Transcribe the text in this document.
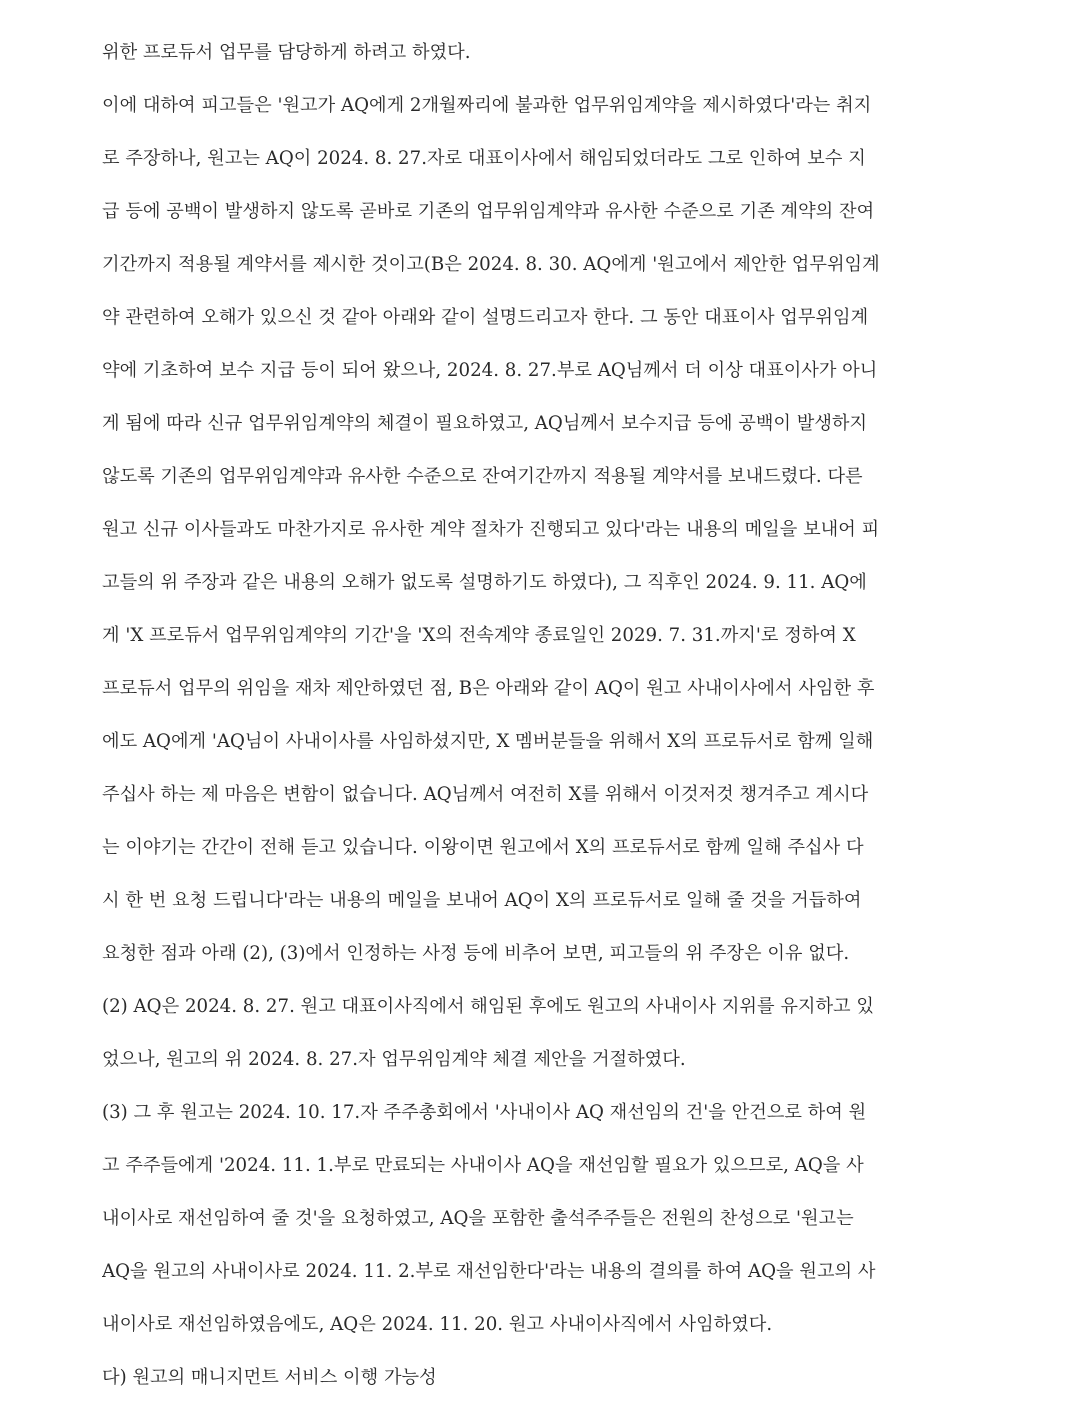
위한 프로듀서 업무를 담당하게 하려고 하였다.
이에 대하여 피고들은 '원고가 AQ에게 2개월짜리에 불과한 업무위임계약을 제시하였다'라는 취지
로 주장하나, 원고는 AQ이 2024. 8. 27.자로 대표이사에서 해임되었더라도 그로 인하여 보수 지
급 등에 공백이 발생하지 않도록 곧바로 기존의 업무위임계약과 유사한 수준으로 기존 계약의 잔여
기간까지 적용될 계약서를 제시한 것이고(B은 2024. 8. 30. AQ에게 '원고에서 제안한 업무위임계
약 관련하여 오해가 있으신 것 같아 아래와 같이 설명드리고자 한다. 그 동안 대표이사 업무위임계
약에 기초하여 보수 지급 등이 되어 왔으나, 2024. 8. 27.부로 AQ님께서 더 이상 대표이사가 아니
게 됨에 따라 신규 업무위임계약의 체결이 필요하였고, AQ님께서 보수지급 등에 공백이 발생하지
않도록 기존의 업무위임계약과 유사한 수준으로 잔여기간까지 적용될 계약서를 보내드렸다. 다른
원고 신규 이사들과도 마찬가지로 유사한 계약 절차가 진행되고 있다'라는 내용의 메일을 보내어 피
고들의 위 주장과 같은 내용의 오해가 없도록 설명하기도 하였다), 그 직후인 2024. 9. 11. AQ에
게 'X 프로듀서 업무위임계약의 기간'을 'X의 전속계약 종료일인 2029. 7. 31.까지'로 정하여 X
프로듀서 업무의 위임을 재차 제안하였던 점, B은 아래와 같이 AQ이 원고 사내이사에서 사임한 후
에도 AQ에게 'AQ님이 사내이사를 사임하셨지만, X 멤버분들을 위해서 X의 프로듀서로 함께 일해
주십사 하는 제 마음은 변함이 없습니다. AQ님께서 여전히 X를 위해서 이것저것 챙겨주고 계시다
는 이야기는 간간이 전해 듣고 있습니다. 이왕이면 원고에서 X의 프로듀서로 함께 일해 주십사 다
시 한 번 요청 드립니다'라는 내용의 메일을 보내어 AQ이 X의 프로듀서로 일해 줄 것을 거듭하여
요청한 점과 아래 (2), (3)에서 인정하는 사정 등에 비추어 보면, 피고들의 위 주장은 이유 없다.
(2) AQ은 2024. 8. 27. 원고 대표이사직에서 해임된 후에도 원고의 사내이사 지위를 유지하고 있
었으나, 원고의 위 2024. 8. 27.자 업무위임계약 체결 제안을 거절하였다.
(3) 그 후 원고는 2024. 10. 17.자 주주총회에서 '사내이사 AQ 재선임의 건'을 안건으로 하여 원
고 주주들에게 '2024. 11. 1.부로 만료되는 사내이사 AQ을 재선임할 필요가 있으므로, AQ을 사
내이사로 재선임하여 줄 것'을 요청하였고, AQ을 포함한 출석주주들은 전원의 찬성으로 '원고는
AQ을 원고의 사내이사로 2024. 11. 2.부로 재선임한다'라는 내용의 결의를 하여 AQ을 원고의 사
내이사로 재선임하였음에도, AQ은 2024. 11. 20. 원고 사내이사직에서 사임하였다.
다) 원고의 매니지먼트 서비스 이행 가능성
